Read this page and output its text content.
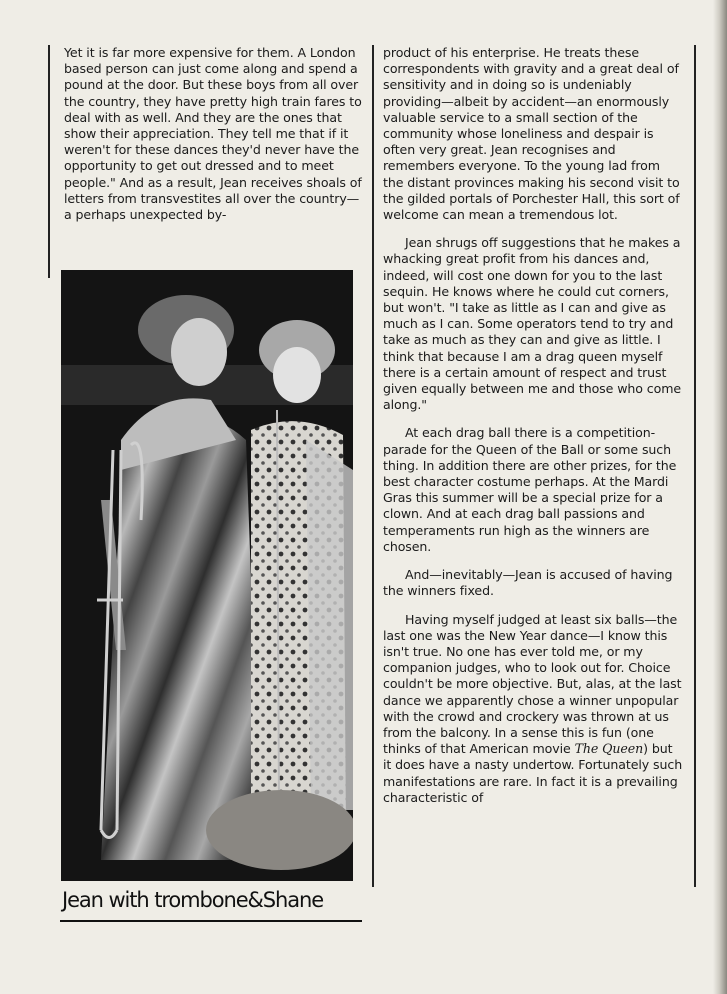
Yet it is far more expensive for them. A London based person can just come along and spend a pound at the door. But these boys from all over the country, they have pretty high train fares to deal with as well. And they are the ones that show their appreciation. They tell me that if it weren't for these dances they'd never have the opportunity to get out dressed and to meet people." And as a result, Jean receives shoals of letters from transvestites all over the country—a perhaps unexpected by-

product of his enterprise. He treats these correspondents with gravity and a great deal of sensitivity and in doing so is undeniably providing—albeit by accident—an enormously valuable service to a small section of the community whose loneliness and despair is often very great. Jean recognises and remembers everyone. To the young lad from the distant provinces making his second visit to the gilded portals of Porchester Hall, this sort of welcome can mean a tremendous lot.

Jean shrugs off suggestions that he makes a whacking great profit from his dances and, indeed, will cost one down for you to the last sequin. He knows where he could cut corners, but won't. "I take as little as I can and give as much as I can. Some operators tend to try and take as much as they can and give as little. I think that because I am a drag queen myself there is a certain amount of respect and trust given equally between me and those who come along."

At each drag ball there is a competition-parade for the Queen of the Ball or some such thing. In addition there are other prizes, for the best character costume perhaps. At the Mardi Gras this summer will be a special prize for a clown. And at each drag ball passions and temperaments run high as the winners are chosen.

And—inevitably—Jean is accused of having the winners fixed.

Having myself judged at least six balls—the last one was the New Year dance—I know this isn't true. No one has ever told me, or my companion judges, who to look out for. Choice couldn't be more objective. But, alas, at the last dance we apparently chose a winner unpopular with the crowd and crockery was thrown at us from the balcony. In a sense this is fun (one thinks of that American movie The Queen) but it does have a nasty undertow. Fortunately such manifestations are rare. In fact it is a prevailing characteristic of

Jean with trombone&Shane
